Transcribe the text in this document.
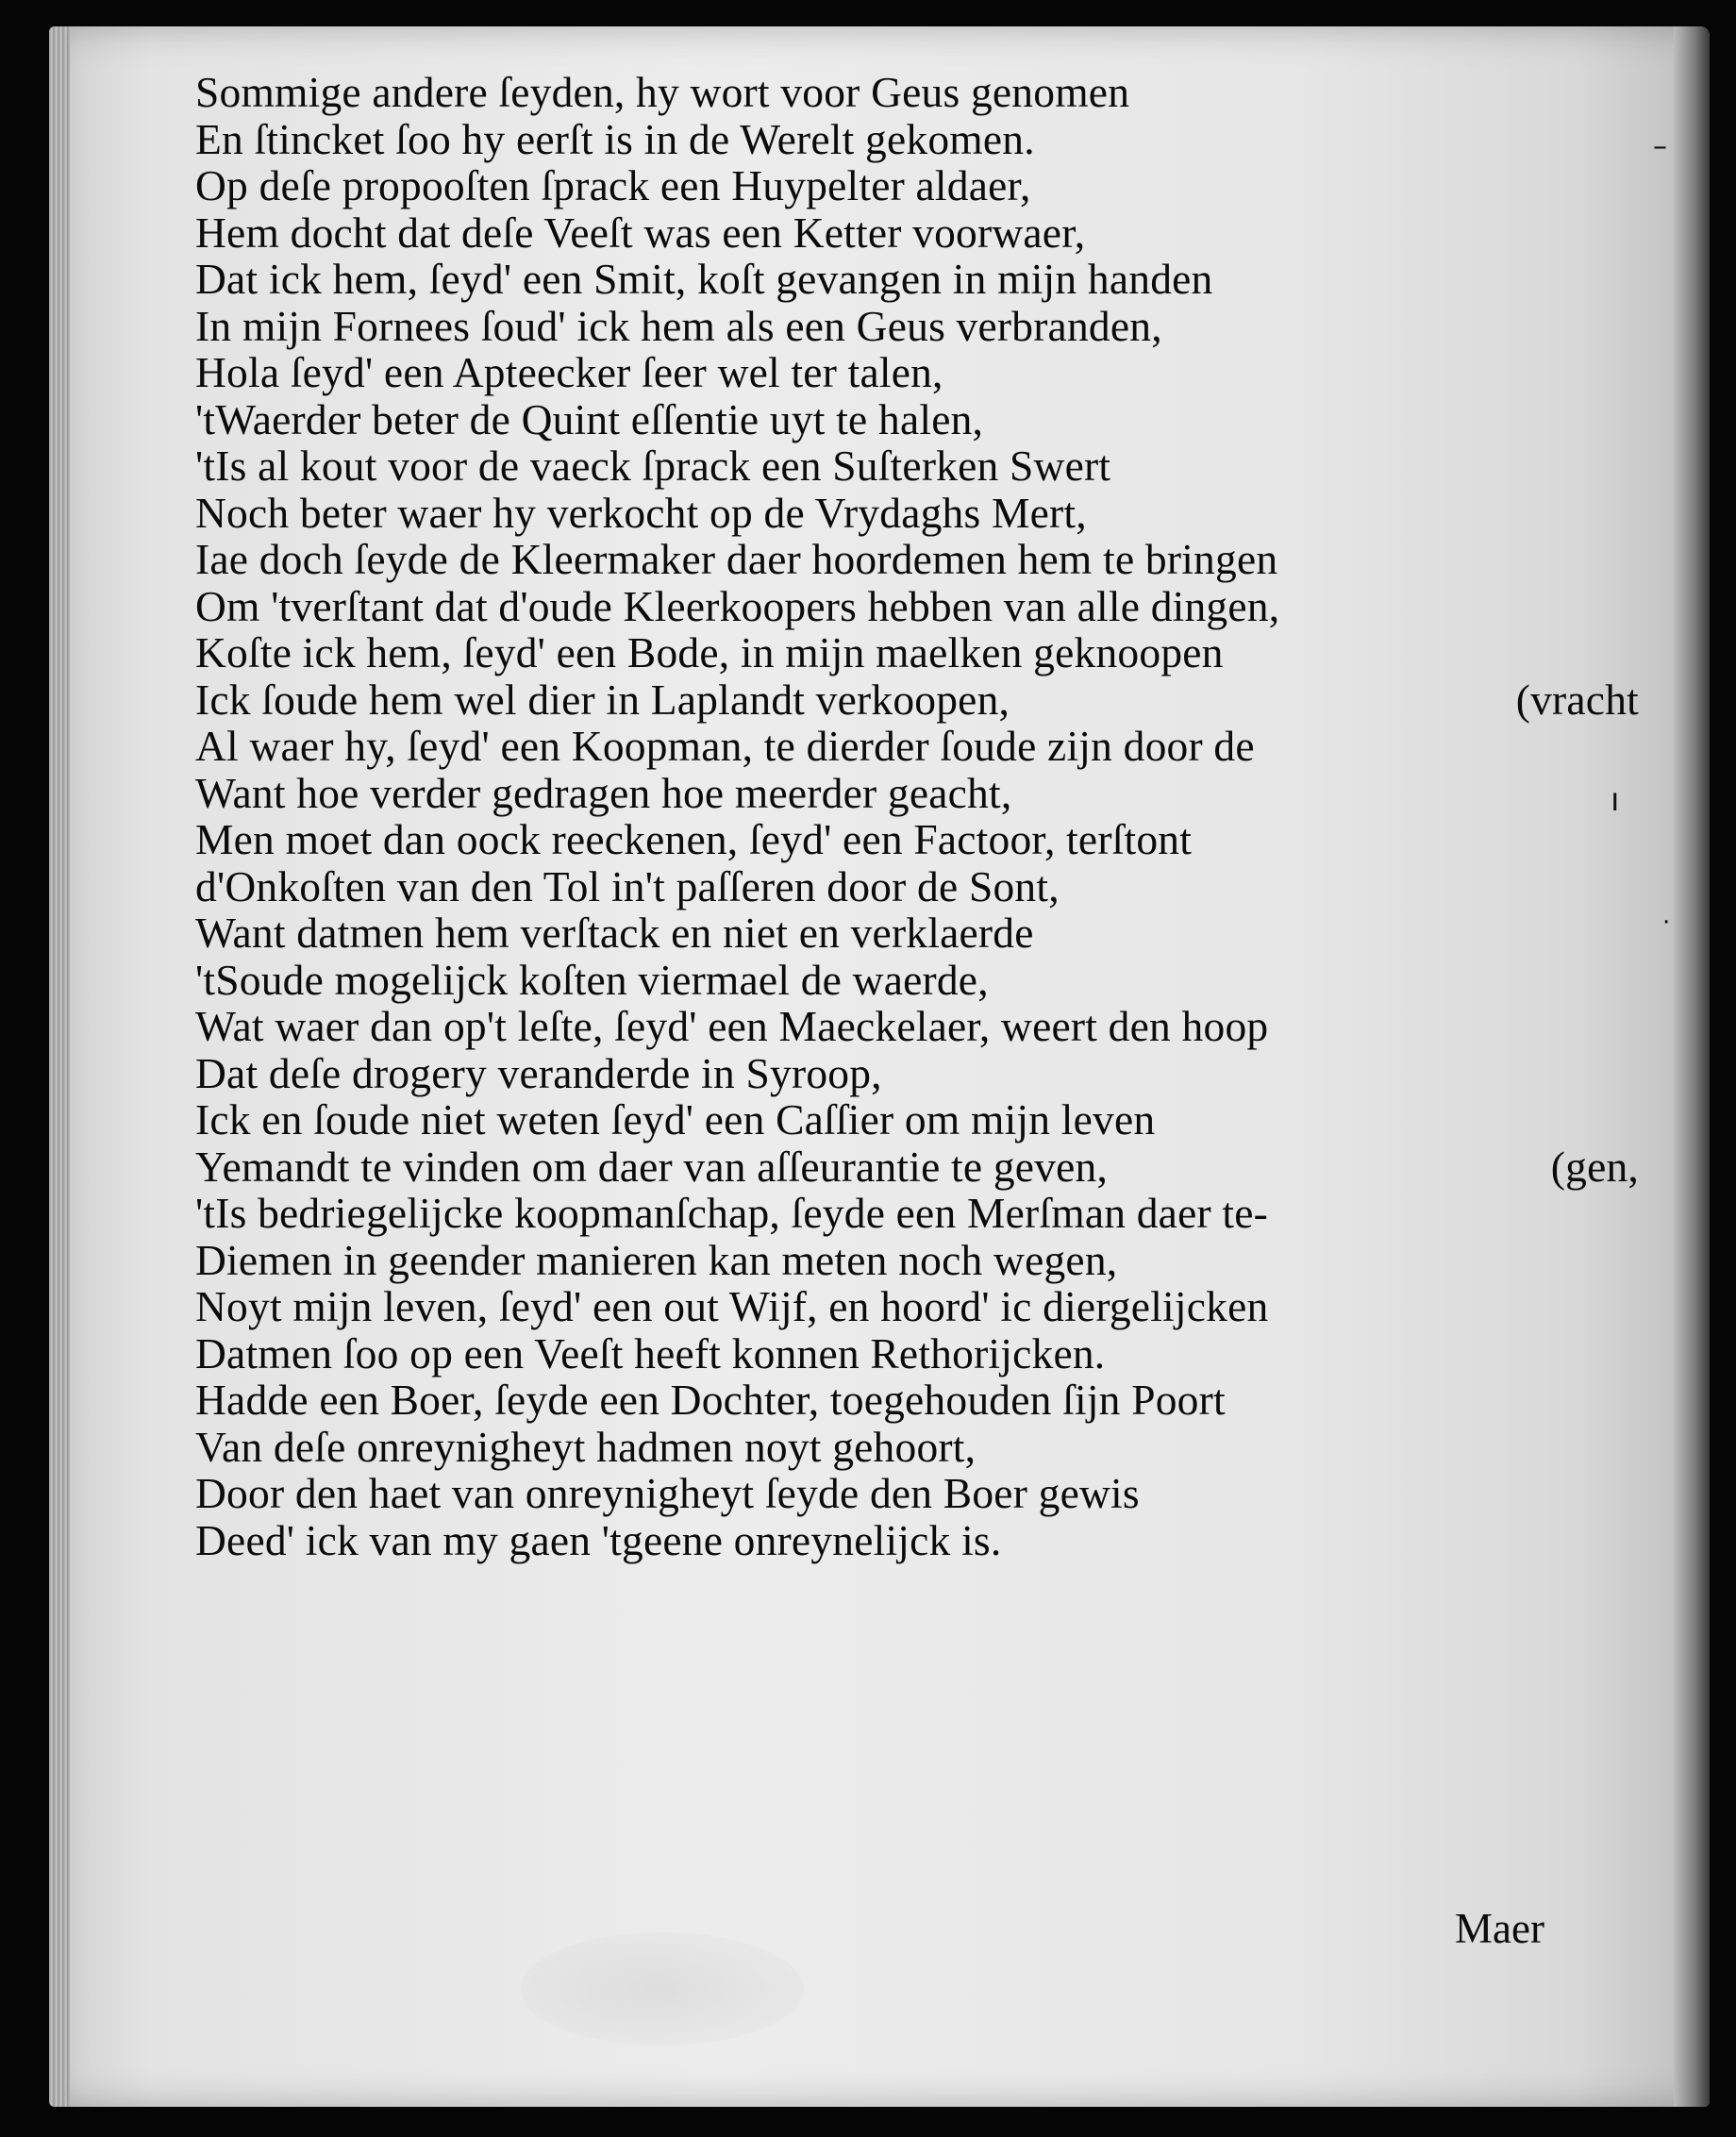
Sommige andere ſeyden, hy wort voor Geus genomen
En ſtincket ſoo hy eerſt is in de Werelt gekomen.
Op deſe propooſten ſprack een Huypelter aldaer,
Hem docht dat deſe Veeſt was een Ketter voorwaer,
Dat ick hem, ſeyd' een Smit, koſt gevangen in mijn handen
In mijn Fornees ſoud' ick hem als een Geus verbranden,
Hola ſeyd' een Apteecker ſeer wel ter talen,
'tWaerder beter de Quint eſſentie uyt te halen,
'tIs al kout voor de vaeck ſprack een Suſterken Swert
Noch beter waer hy verkocht op de Vrydaghs Mert,
Iae doch ſeyde de Kleermaker daer hoordemen hem te bringen
Om 'tverſtant dat d'oude Kleerkoopers hebben van alle dingen,
Koſte ick hem, ſeyd' een Bode, in mijn maelken geknoopen
Ick ſoude hem wel dier in Laplandt verkoopen,	(vracht
Al waer hy, ſeyd' een Koopman, te dierder ſoude zijn door de
Want hoe verder gedragen hoe meerder geacht,
Men moet dan oock reeckenen, ſeyd' een Factoor, terſtont
d'Onkoſten van den Tol in't paſſeren door de Sont,
Want datmen hem verſtack en niet en verklaerde
'tSoude mogelijck koſten viermael de waerde,
Wat waer dan op't leſte, ſeyd' een Maeckelaer, weert den hoop
Dat deſe drogery veranderde in Syroop,
Ick en ſoude niet weten ſeyd' een Caſſier om mijn leven
Yemandt te vinden om daer van aſſeurantie te geven,	(gen,
'tIs bedriegelijcke koopmanſchap, ſeyde een Merſman daer te-
Diemen in geender manieren kan meten noch wegen,
Noyt mijn leven, ſeyd' een out Wijf, en hoord' ic diergelijcken
Datmen ſoo op een Veeſt heeft konnen Rethorijcken.
Hadde een Boer, ſeyde een Dochter, toegehouden ſijn Poort
Van deſe onreynigheyt hadmen noyt gehoort,
Door den haet van onreynigheyt ſeyde den Boer gewis
Deed' ick van my gaen 'tgeene onreynelijck is.
Maer
–
ı
·
